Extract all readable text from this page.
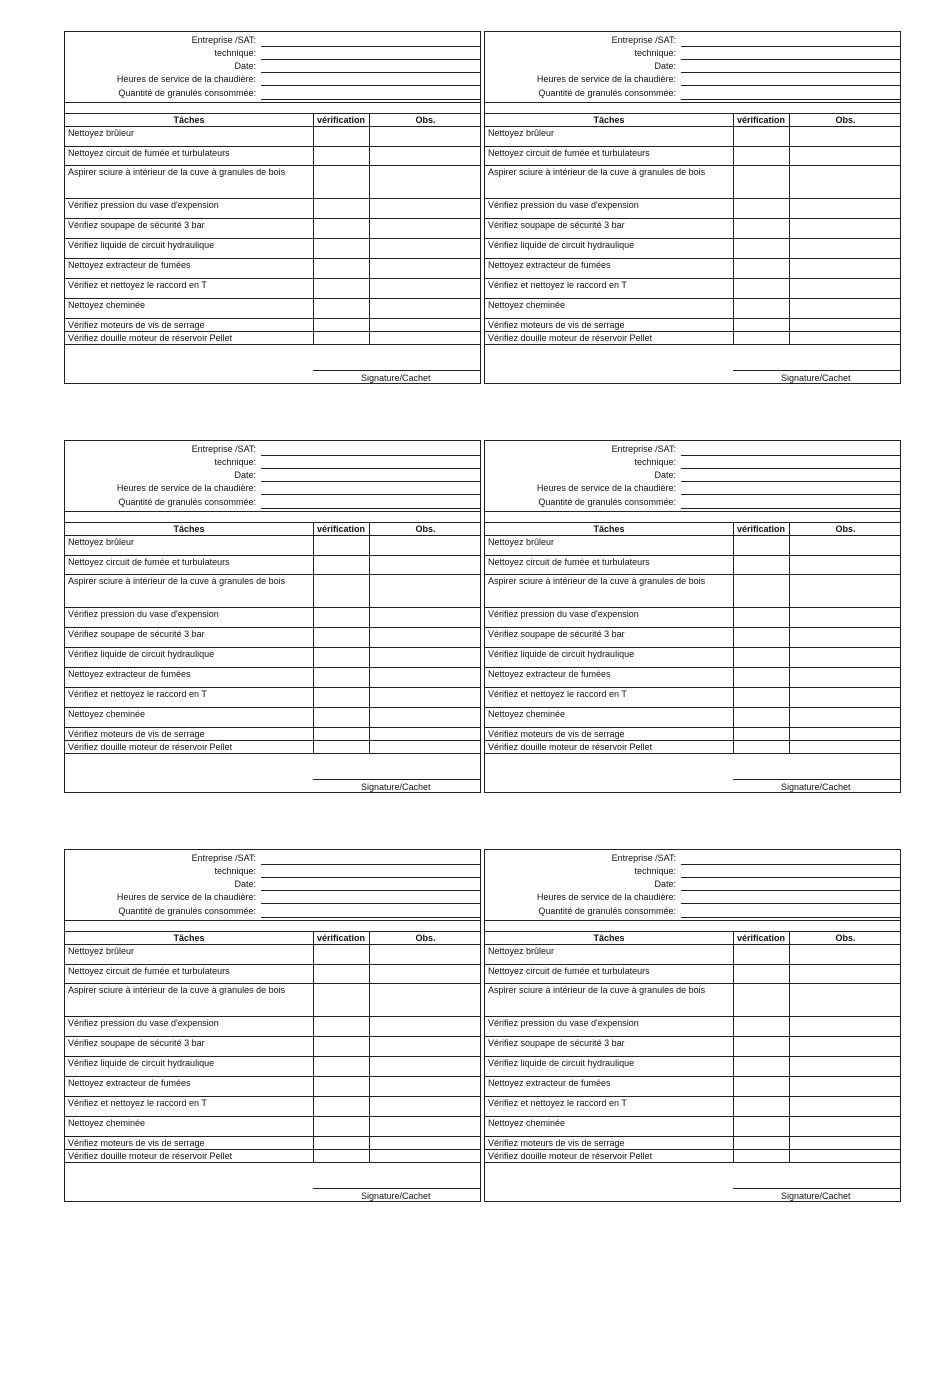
Entreprise /SAT:
technique:
Date:
Heures de service de la chaudière:
Quantité de granulés consommée:
Tâches	vérification	Obs.
Nettoyez brûleur
Nettoyez circuit de fumée et turbulateurs
Aspirer sciure à intérieur de la cuve à granules de bois
Vérifiez pression du vase d'expension
Vérifiez soupape de sécurité 3 bar
Vérifiez liquide de circuit hydraulique
Nettoyez extracteur de fumées
Vérifiez et nettoyez le raccord en T
Nettoyez cheminée
Vérifiez moteurs de vis de serrage
Vérifiez douille moteur de réservoir Pellet
Signature/Cachet
Entreprise /SAT:
technique:
Date:
Heures de service de la chaudière:
Quantité de granulés consommée:
Tâches	vérification	Obs.
Nettoyez brûleur
Nettoyez circuit de fumée et turbulateurs
Aspirer sciure à intérieur de la cuve à granules de bois
Vérifiez pression du vase d'expension
Vérifiez soupape de sécurité 3 bar
Vérifiez liquide de circuit hydraulique
Nettoyez extracteur de fumées
Vérifiez et nettoyez le raccord en T
Nettoyez cheminée
Vérifiez moteurs de vis de serrage
Vérifiez douille moteur de réservoir Pellet
Signature/Cachet
Entreprise /SAT:
technique:
Date:
Heures de service de la chaudière:
Quantité de granulés consommée:
Tâches	vérification	Obs.
Nettoyez brûleur
Nettoyez circuit de fumée et turbulateurs
Aspirer sciure à intérieur de la cuve à granules de bois
Vérifiez pression du vase d'expension
Vérifiez soupape de sécurité 3 bar
Vérifiez liquide de circuit hydraulique
Nettoyez extracteur de fumées
Vérifiez et nettoyez le raccord en T
Nettoyez cheminée
Vérifiez moteurs de vis de serrage
Vérifiez douille moteur de réservoir Pellet
Signature/Cachet
Entreprise /SAT:
technique:
Date:
Heures de service de la chaudière:
Quantité de granulés consommée:
Tâches	vérification	Obs.
Nettoyez brûleur
Nettoyez circuit de fumée et turbulateurs
Aspirer sciure à intérieur de la cuve à granules de bois
Vérifiez pression du vase d'expension
Vérifiez soupape de sécurité 3 bar
Vérifiez liquide de circuit hydraulique
Nettoyez extracteur de fumées
Vérifiez et nettoyez le raccord en T
Nettoyez cheminée
Vérifiez moteurs de vis de serrage
Vérifiez douille moteur de réservoir Pellet
Signature/Cachet
Entreprise /SAT:
technique:
Date:
Heures de service de la chaudière:
Quantité de granulés consommée:
Tâches	vérification	Obs.
Nettoyez brûleur
Nettoyez circuit de fumée et turbulateurs
Aspirer sciure à intérieur de la cuve à granules de bois
Vérifiez pression du vase d'expension
Vérifiez soupape de sécurité 3 bar
Vérifiez liquide de circuit hydraulique
Nettoyez extracteur de fumées
Vérifiez et nettoyez le raccord en T
Nettoyez cheminée
Vérifiez moteurs de vis de serrage
Vérifiez douille moteur de réservoir Pellet
Signature/Cachet
Entreprise /SAT:
technique:
Date:
Heures de service de la chaudière:
Quantité de granulés consommée:
Tâches	vérification	Obs.
Nettoyez brûleur
Nettoyez circuit de fumée et turbulateurs
Aspirer sciure à intérieur de la cuve à granules de bois
Vérifiez pression du vase d'expension
Vérifiez soupape de sécurité 3 bar
Vérifiez liquide de circuit hydraulique
Nettoyez extracteur de fumées
Vérifiez et nettoyez le raccord en T
Nettoyez cheminée
Vérifiez moteurs de vis de serrage
Vérifiez douille moteur de réservoir Pellet
Signature/Cachet
